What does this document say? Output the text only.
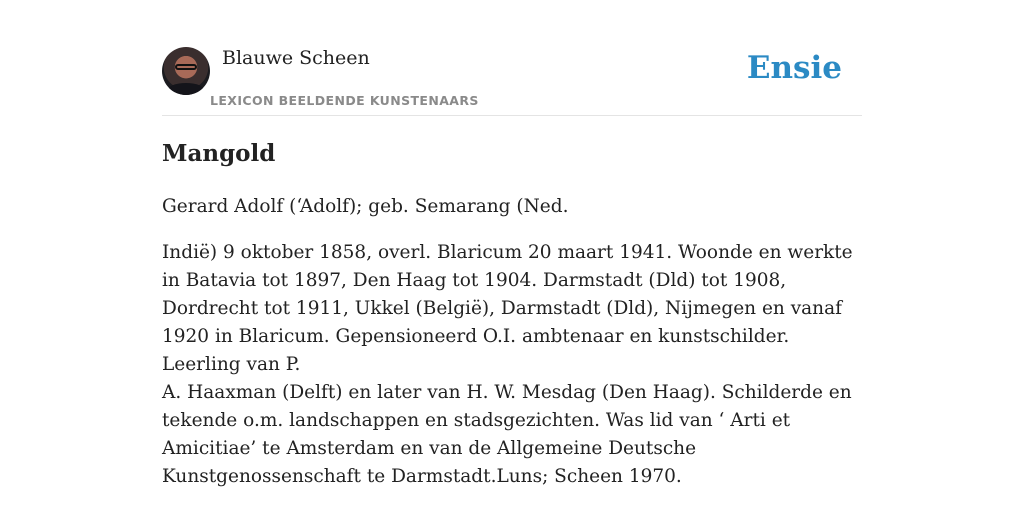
Blauwe Scheen
LEXICON BEELDENDE KUNSTENAARS
Ensie
Mangold

Gerard Adolf (‘Adolf); geb. Semarang (Ned.

Indië) 9 oktober 1858, overl. Blaricum 20 maart 1941. Woonde en werkte in Batavia tot 1897, Den Haag tot 1904. Darmstadt (Dld) tot 1908, Dordrecht tot 1911, Ukkel (België), Darmstadt (Dld), Nijmegen en vanaf 1920 in Blaricum. Gepensioneerd O.I. ambtenaar en kunstschilder. Leerling van P.

A. Haaxman (Delft) en later van H. W. Mesdag (Den Haag). Schilderde en tekende o.m. landschappen en stadsgezichten. Was lid van ‘ Arti et Amicitiae’ te Amsterdam en van de Allgemeine Deutsche Kunstgenossenschaft te Darmstadt.Luns; Scheen 1970.
